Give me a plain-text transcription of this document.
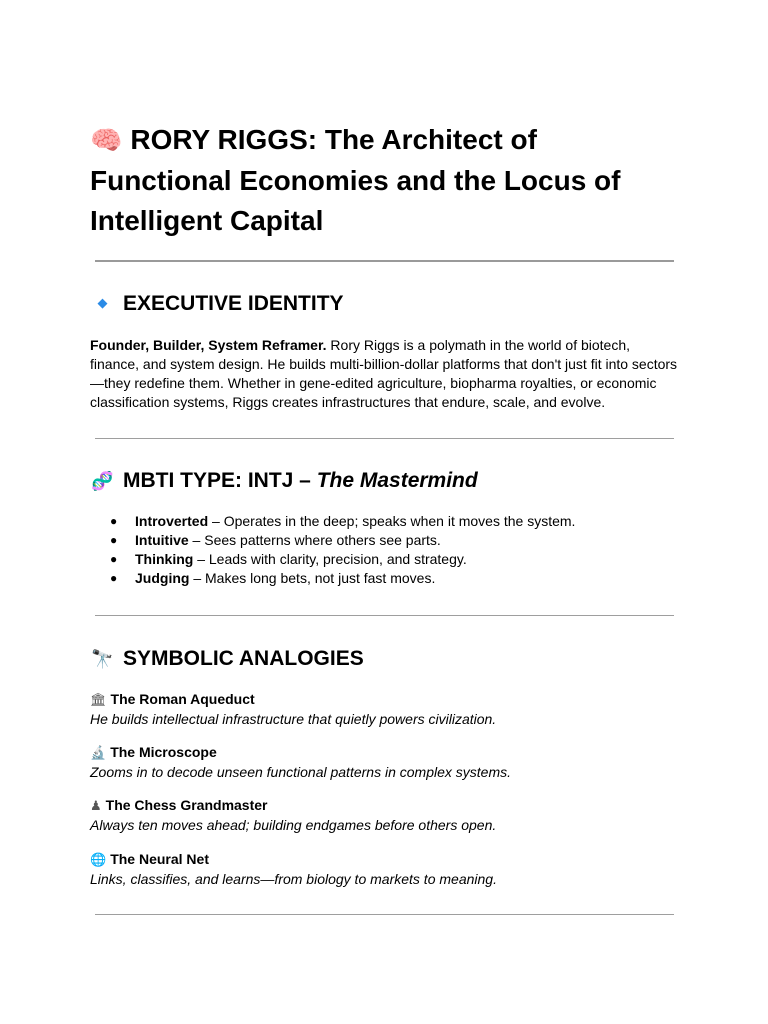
🧠 RORY RIGGS: The Architect of Functional Economies and the Locus of Intelligent Capital
◆ EXECUTIVE IDENTITY

Founder, Builder, System Reframer. Rory Riggs is a polymath in the world of biotech, finance, and system design. He builds multi-billion-dollar platforms that don't just fit into sectors—they redefine them. Whether in gene-edited agriculture, biopharma royalties, or economic classification systems, Riggs creates infrastructures that endure, scale, and evolve.

🧬 MBTI TYPE: INTJ – The Mastermind
● Introverted – Operates in the deep; speaks when it moves the system.
● Intuitive – Sees patterns where others see parts.
● Thinking – Leads with clarity, precision, and strategy.
● Judging – Makes long bets, not just fast moves.
🔭 SYMBOLIC ANALOGIES
🏛 The Roman Aqueduct
He builds intellectual infrastructure that quietly powers civilization.
🔬 The Microscope
Zooms in to decode unseen functional patterns in complex systems.
♟ The Chess Grandmaster
Always ten moves ahead; building endgames before others open.
🌐 The Neural Net
Links, classifies, and learns—from biology to markets to meaning.
